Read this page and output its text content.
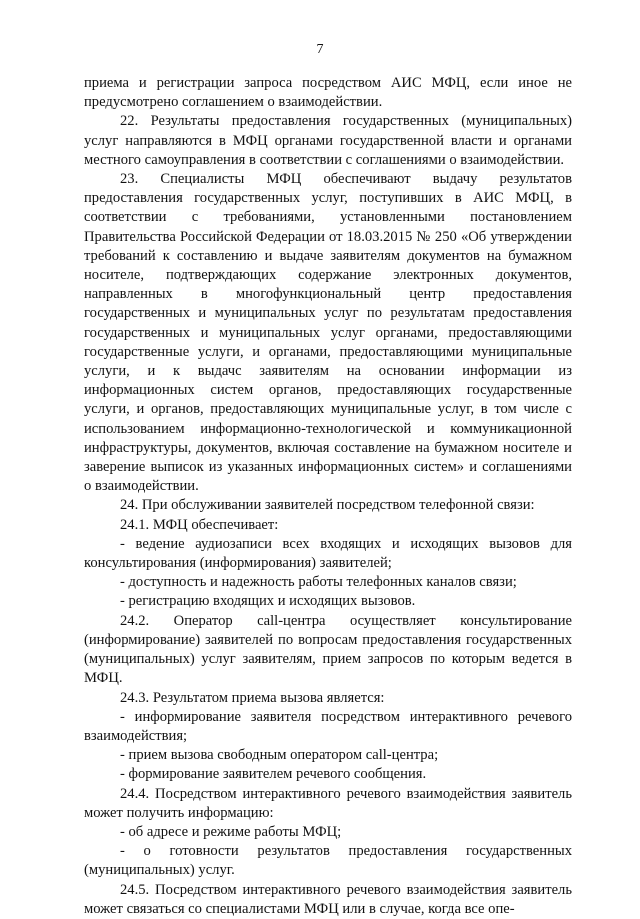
7

приема и регистрации запроса посредством АИС МФЦ, если иное не предусмотрено соглашением о взаимодействии.

22. Результаты предоставления государственных (муниципальных) услуг направляются в МФЦ органами государственной власти и органами местного самоуправления в соответствии с соглашениями о взаимодействии.

23. Специалисты МФЦ обеспечивают выдачу результатов предоставления государственных услуг, поступивших в АИС МФЦ, в соответствии с требованиями, установленными постановлением Правительства Российской Федерации от 18.03.2015 № 250 «Об утверждении требований к составлению и выдаче заявителям документов на бумажном носителе, подтверждающих содержание электронных документов, направленных в многофункциональный центр предоставления государственных и муниципальных услуг по результатам предоставления государственных и муниципальных услуг органами, предоставляющими государственные услуги, и органами, предоставляющими муниципальные услуги, и к выдачс заявителям на основании информации из информационных систем органов, предоставляющих государственные услуги, и органов, предоставляющих муниципальные услуг, в том числе с использованием информационно-технологической и коммуникационной инфраструктуры, документов, включая составление на бумажном носителе и заверение выписок из указанных информационных систем» и соглашениями о взаимодействии.

24. При обслуживании заявителей посредством телефонной связи:

24.1. МФЦ обеспечивает:

- ведение аудиозаписи всех входящих и исходящих вызовов для консультирования (информирования) заявителей;

- доступность и надежность работы телефонных каналов связи;

- регистрацию входящих и исходящих вызовов.

24.2. Оператор call-центра осуществляет консультирование (информирование) заявителей по вопросам предоставления государственных (муниципальных) услуг заявителям, прием запросов по которым ведется в МФЦ.

24.3. Результатом приема вызова является:

- информирование заявителя посредством интерактивного речевого взаимодействия;

- прием вызова свободным оператором call-центра;

- формирование заявителем речевого сообщения.

24.4. Посредством интерактивного речевого взаимодействия заявитель может получить информацию:

- об адресе и режиме работы МФЦ;

- о готовности результатов предоставления государственных (муниципальных) услуг.

24.5. Посредством интерактивного речевого взаимодействия заявитель может связаться со специалистами МФЦ или в случае, когда все опе-
